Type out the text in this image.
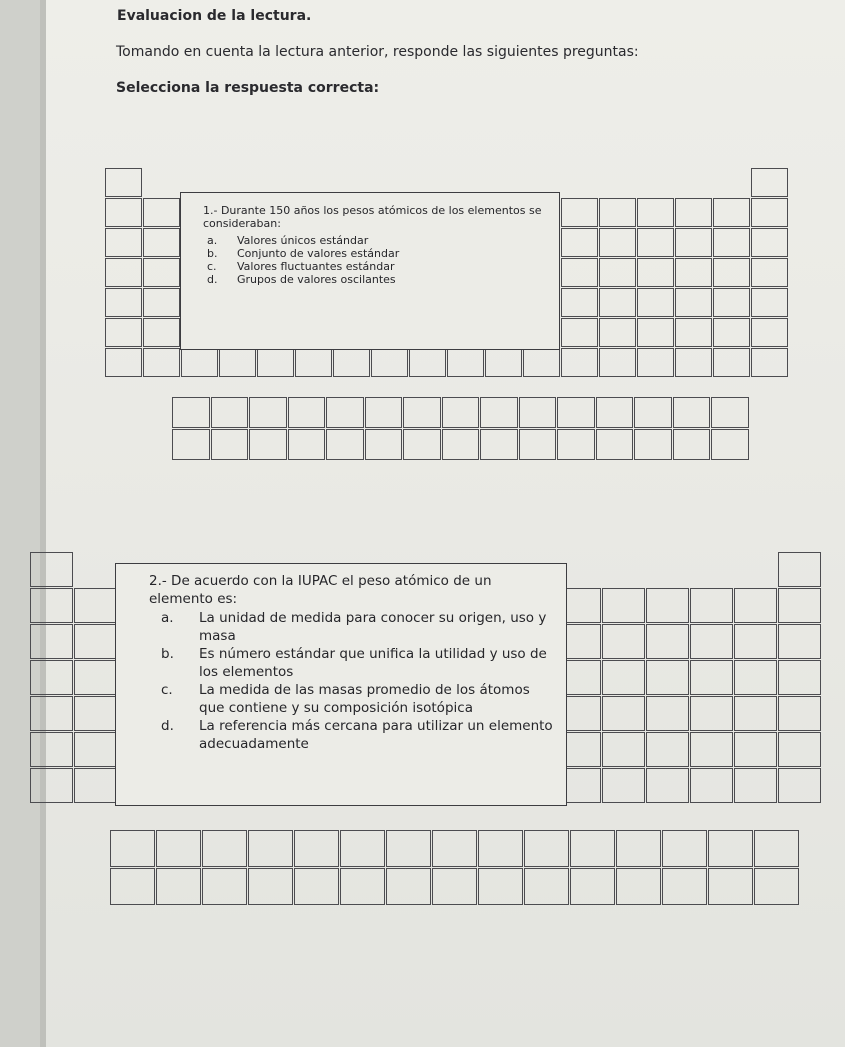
Evaluacion de la lectura.
Tomando en cuenta la lectura anterior, responde las siguientes preguntas:
Selecciona la respuesta correcta:
1.- Durante 150 años los pesos atómicos de los elementos se consideraban:
a. Valores únicos estándar
b. Conjunto de valores estándar
c. Valores fluctuantes estándar
d. Grupos de valores oscilantes
2.- De acuerdo con la IUPAC el peso atómico de un elemento es:
a. La unidad de medida para conocer su origen, uso y masa
b. Es número estándar que unifica la utilidad y uso de los elementos
c. La medida de las masas promedio de los átomos que contiene y su composición isotópica
d. La referencia más cercana para utilizar un elemento adecuadamente
